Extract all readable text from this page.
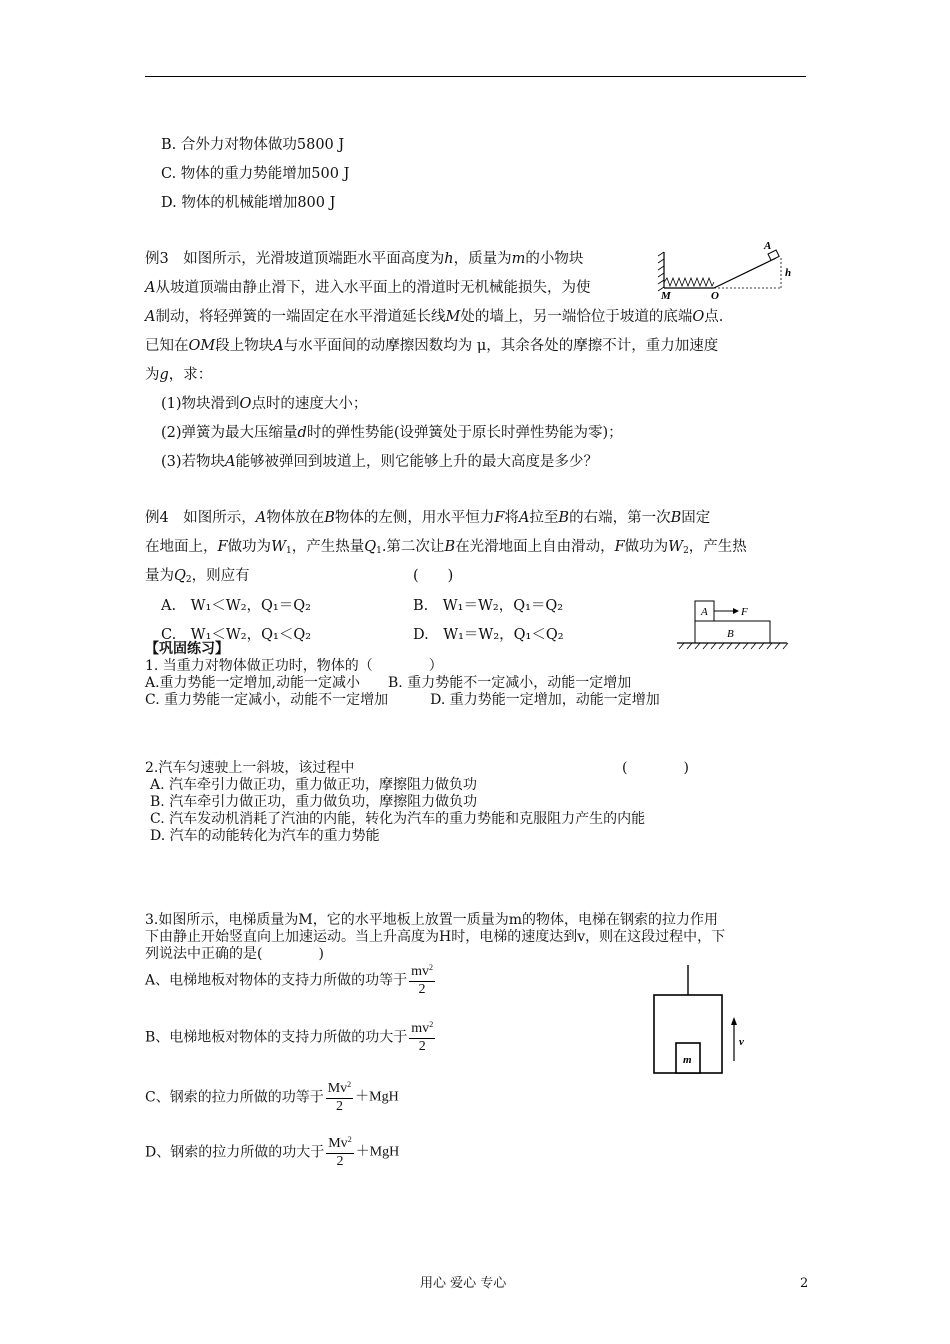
B. 合外力对物体做功5800 J
C. 物体的重力势能增加500 J
D. 物体的机械能增加800 J
例3　如图所示，光滑坡道顶端距水平面高度为h，质量为m的小物块
A从坡道顶端由静止滑下，进入水平面上的滑道时无机械能损失，为使
A制动，将轻弹簧的一端固定在水平滑道延长线M处的墙上，另一端恰位于坡道的底端O点.
已知在OM段上物块A与水平面间的动摩擦因数均为 μ，其余各处的摩擦不计，重力加速度
为g，求：
(1)物块滑到O点时的速度大小；
(2)弹簧为最大压缩量d时的弹性势能(设弹簧处于原长时弹性势能为零)；
(3)若物块A能够被弹回到坡道上，则它能够上升的最大高度是多少？
A
h
M	O
例4　如图所示，A物体放在B物体的左侧，用水平恒力F将A拉至B的右端，第一次B固定
在地面上，F做功为$W_1$，产生热量$Q_1$.第二次让B在光滑地面上自由滑动，F做功为$W_2$，产生热
量为$Q_2$，则应有	(　　)
A.　W₁＜W₂，Q₁＝Q₂	B.　W₁＝W₂，Q₁＝Q₂
C.　W₁＜W₂，Q₁＜Q₂	D.　W₁＝W₂，Q₁＜Q₂
A	F
B
【巩固练习】
1. 当重力对物体做正功时，物体的（　　　　）
A.重力势能一定增加,动能一定减小　　B. 重力势能不一定减小，动能一定增加
C. 重力势能一定减小，动能不一定增加　　　D. 重力势能一定增加，动能一定增加
2.汽车匀速驶上一斜坡，该过程中	(　　　　)
A. 汽车牵引力做正功，重力做正功，摩擦阻力做负功
B. 汽车牵引力做正功，重力做负功，摩擦阻力做负功
C. 汽车发动机消耗了汽油的内能，转化为汽车的重力势能和克服阻力产生的内能
D. 汽车的动能转化为汽车的重力势能
3.如图所示，电梯质量为M，它的水平地板上放置一质量为m的物体，电梯在钢索的拉力作用
下由静止开始竖直向上加速运动。当上升高度为H时，电梯的速度达到v，则在这段过程中，下
列说法中正确的是(　　　　)
A、电梯地板对物体的支持力所做的功等于 $\frac{mv^2}{2}$
B、电梯地板对物体的支持力所做的功大于 $\frac{mv^2}{2}$
C、钢索的拉力所做的功等于 $\frac{Mv^2}{2} +MgH$
D、钢索的拉力所做的功大于 $\frac{Mv^2}{2} +MgH$
m
v
用心 爱心 专心	2
